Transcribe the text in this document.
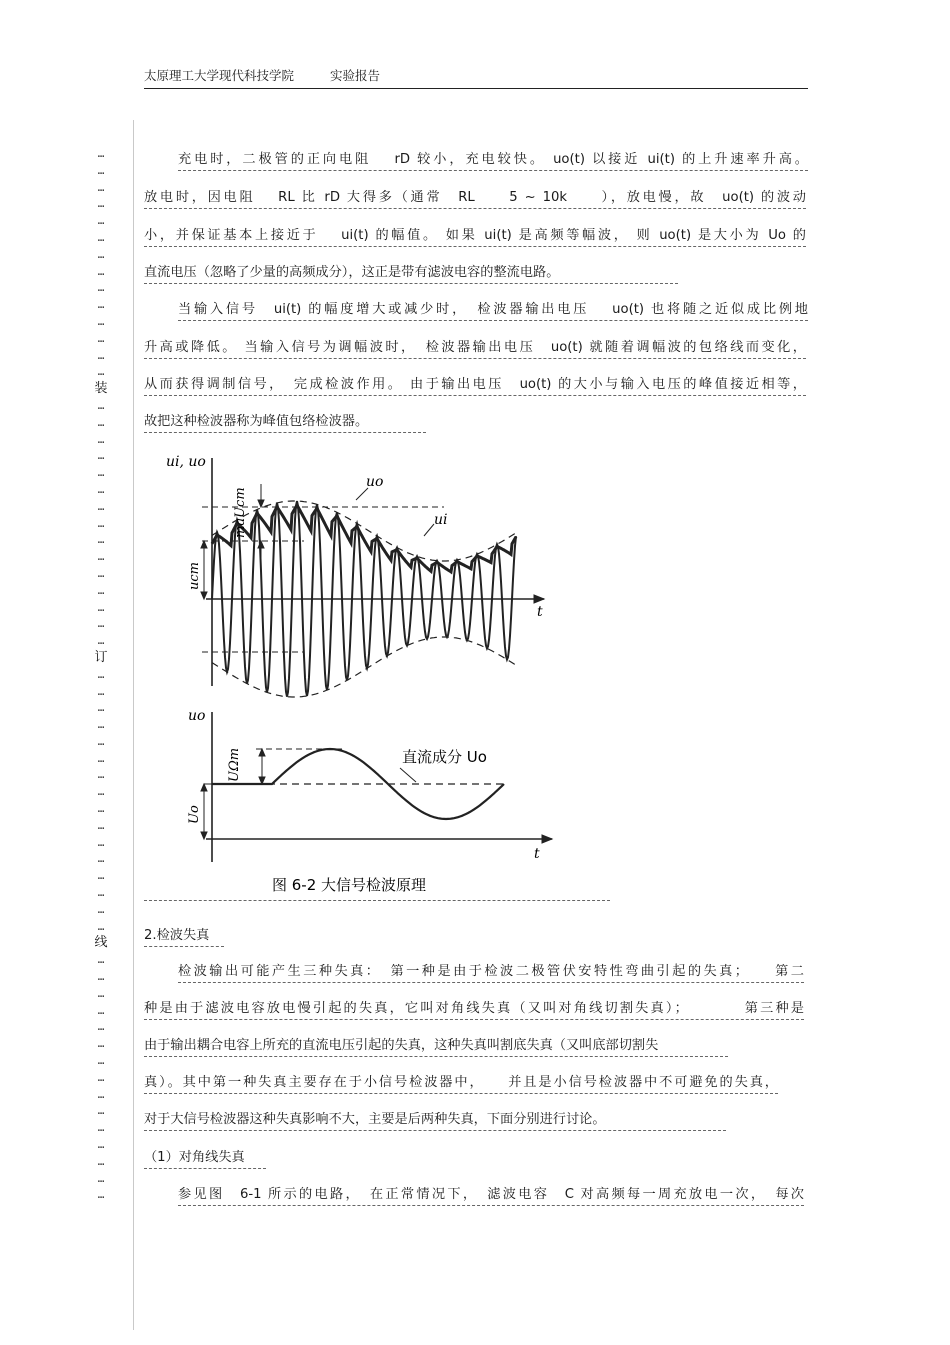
太原理工大学现代科技学院	实验报告
…
…
…
…
…
…
…
…
…
…
…
…
…
…
装
…
…
…
…
…
…
…
…
…
…
…
…
…
…
…
订
…
…
…
…
…
…
…
…
…
…
…
…
…
…
…
…
线
…
…
…
…
…
…
…
…
…
…
…
…
…
…
…
充电时，二极管的正向电阻　 rD 较小，充电较快。 uo(t) 以接近 ui(t) 的上升速率升高。
放电时，因电阻　 RL 比 rD 大得多（通常　RL　　5 ~ 10k　　），放电慢，故　uo(t) 的波动
小，并保证基本上接近于　 ui(t) 的幅值。 如果 ui(t) 是高频等幅波， 则 uo(t) 是大小为 Uo 的
直流电压（忽略了少量的高频成分），这正是带有滤波电容的整流电路。
当输入信号　ui(t) 的幅度增大或减少时，　检波器输出电压　 uo(t) 也将随之近似成比例地
升高或降低。 当输入信号为调幅波时，　检波器输出电压　uo(t) 就随着调幅波的包络线而变化，
从而获得调制信号，　完成检波作用。 由于输出电压　uo(t) 的大小与输入电压的峰值接近相等，
故把这种检波器称为峰值包络检波器。
ui, uo
uo
ui
maUcm
ucm
t
uo
UΩm	直流成分 Uo
Uo
t
图 6-2 大信号检波原理
2.检波失真
检波输出可能产生三种失真：　第一种是由于检波二极管伏安特性弯曲引起的失真；　　第二
种是由于滤波电容放电慢引起的失真，它叫对角线失真（又叫对角线切割失真）；　　　　第三种是
由于输出耦合电容上所充的直流电压引起的失真，这种失真叫割底失真（又叫底部切割失
真）。其中第一种失真主要存在于小信号检波器中，　　并且是小信号检波器中不可避免的失真，
对于大信号检波器这种失真影响不大，主要是后两种失真，下面分别进行讨论。
（1）对角线失真
参见图　6-1 所示的电路，　在正常情况下，　滤波电容　C 对高频每一周充放电一次，　每次
